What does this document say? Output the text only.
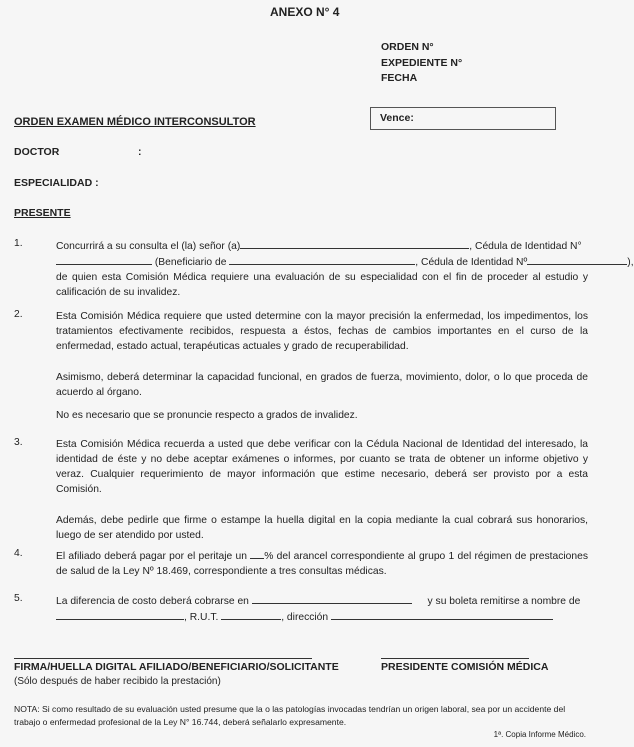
ANEXO N° 4
ORDEN N°
EXPEDIENTE N°
FECHA
Vence:
ORDEN EXAMEN MÉDICO INTERCONSULTOR
DOCTOR	:
ESPECIALIDAD :
PRESENTE
1.	Concurrirá a su consulta el (la) señor (a)	, Cédula de Identidad N°
(Beneficiario de	, Cédula de Identidad Nº	),
de quien esta Comisión Médica requiere una evaluación de su especialidad con el fin de proceder al estudio y calificación de su invalidez.
2.	Esta Comisión Médica requiere que usted determine con la mayor precisión la enfermedad, los impedimentos, los tratamientos efectivamente recibidos, respuesta a éstos, fechas de cambios importantes en el curso de la enfermedad, estado actual, terapéuticas actuales y grado de recuperabilidad.
Asimismo, deberá determinar la capacidad funcional, en grados de fuerza, movimiento, dolor, o lo que proceda de acuerdo al órgano.
No es necesario que se pronuncie respecto a grados de invalidez.
3.	Esta Comisión Médica recuerda a usted que debe verificar con la Cédula Nacional de Identidad del interesado, la identidad de éste y no debe aceptar exámenes o informes, por cuanto se trata de obtener un informe objetivo y veraz. Cualquier requerimiento de mayor información que estime necesario, deberá ser provisto por a esta Comisión.
Además, debe pedirle que firme o estampe la huella digital en la copia mediante la cual cobrará sus honorarios, luego de ser atendido por usted.
4.	El afiliado deberá pagar por el peritaje un % del arancel correspondiente al grupo 1 del régimen de prestaciones de salud de la Ley Nº 18.469, correspondiente a tres consultas médicas.
5.	La diferencia de costo deberá cobrarse en	y su boleta remitirse a nombre de
, R.U.T.	, dirección
FIRMA/HUELLA DIGITAL AFILIADO/BENEFICIARIO/SOLICITANTE
(Sólo después de haber recibido la prestación)
PRESIDENTE COMISIÓN MÉDICA
NOTA: Si como resultado de su evaluación usted presume que la o las patologías invocadas tendrían un origen laboral, sea por un accidente del trabajo o enfermedad profesional de la Ley N° 16.744, deberá señalarlo expresamente.
1ª. Copia Informe Médico.
